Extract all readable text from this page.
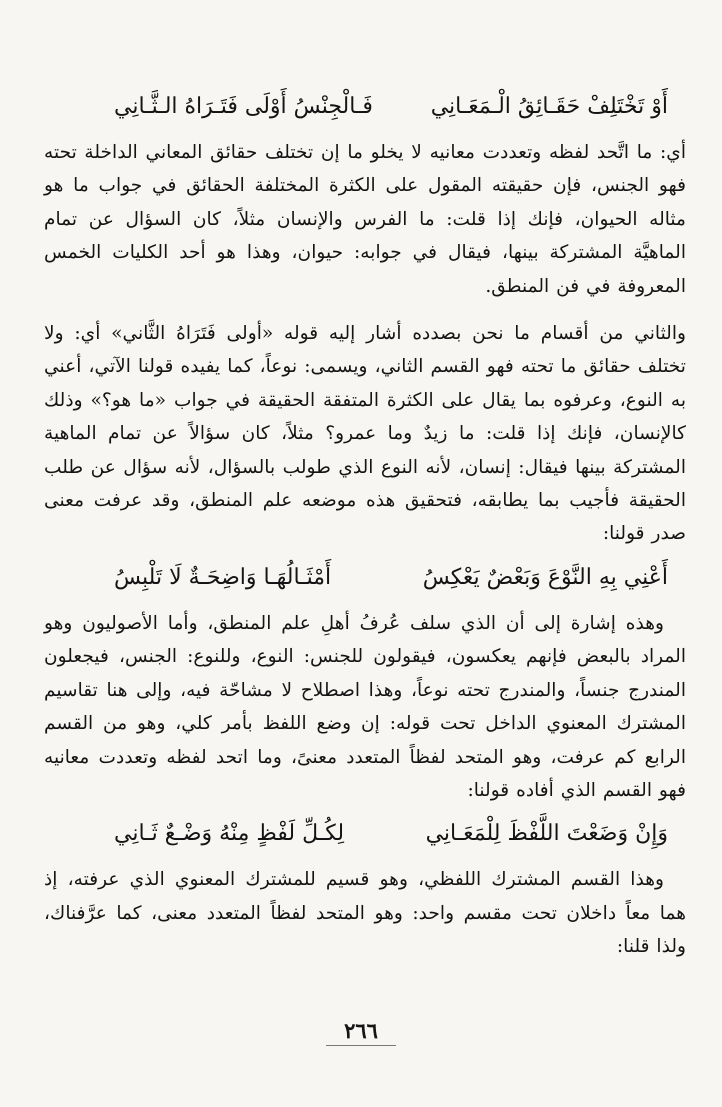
أَوْ تَخْتَلِفْ حَقَـائِقُ الْـمَعَـانِي
فَـالْجِنْسُ أَوْلَى فَتَـرَاهُ الـثَّـانِي

أي: ما اتَّحد لفظه وتعددت معانيه لا يخلو ما إن تختلف حقائق المعاني الداخلة تحته فهو الجنس، فإن حقيقته المقول على الكثرة المختلفة الحقائق في جواب ما هو مثاله الحيوان، فإنك إذا قلت: ما الفرس والإنسان مثلاً، كان السؤال عن تمام الماهيَّة المشتركة بينها، فيقال في جوابه: حيوان، وهذا هو أحد الكليات الخمس المعروفة في فن المنطق.

والثاني من أقسام ما نحن بصدده أشار إليه قوله «أولى فَتَرَاهُ الثَّاني» أي: ولا تختلف حقائق ما تحته فهو القسم الثاني، ويسمى: نوعاً، كما يفيده قولنا الآتي، أعني به النوع، وعرفوه بما يقال على الكثرة المتفقة الحقيقة في جواب «ما هو؟» وذلك كالإنسان، فإنك إذا قلت: ما زيدٌ وما عمرو؟ مثلاً، كان سؤالاً عن تمام الماهية المشتركة بينها فيقال: إنسان، لأنه النوع الذي طولب بالسؤال، لأنه سؤال عن طلب الحقيقة فأجيب بما يطابقه، فتحقيق هذه موضعه علم المنطق، وقد عرفت معنى صدر قولنا:

أَعْنِي بِهِ النَّوْعَ وَبَعْضٌ يَعْكِسُ
أَمْثَـالُهَـا وَاضِحَـةٌ لَا تَلْبِسُ

وهذه إشارة إلى أن الذي سلف عُرفُ أهلِ علم المنطق، وأما الأصوليون وهو المراد بالبعض فإنهم يعكسون، فيقولون للجنس: النوع، وللنوع: الجنس، فيجعلون المندرج جنساً، والمندرج تحته نوعاً، وهذا اصطلاح لا مشاحّة فيه، وإلى هنا تقاسيم المشترك المعنوي الداخل تحت قوله: إن وضع اللفظ بأمر كلي، وهو من القسم الرابع كم عرفت، وهو المتحد لفظاً المتعدد معنىً، وما اتحد لفظه وتعددت معانيه فهو القسم الذي أفاده قولنا:

وَإِنْ وَضَعْتَ اللَّفْظَ لِلْمَعَـانِي
لِكُـلِّ لَفْظٍ مِنْهُ وَضْـعٌ ثَـانِي

وهذا القسم المشترك اللفظي، وهو قسيم للمشترك المعنوي الذي عرفته، إذ هما معاً داخلان تحت مقسم واحد: وهو المتحد لفظاً المتعدد معنى، كما عرَّفناك، ولذا قلنا:

٢٦٦
